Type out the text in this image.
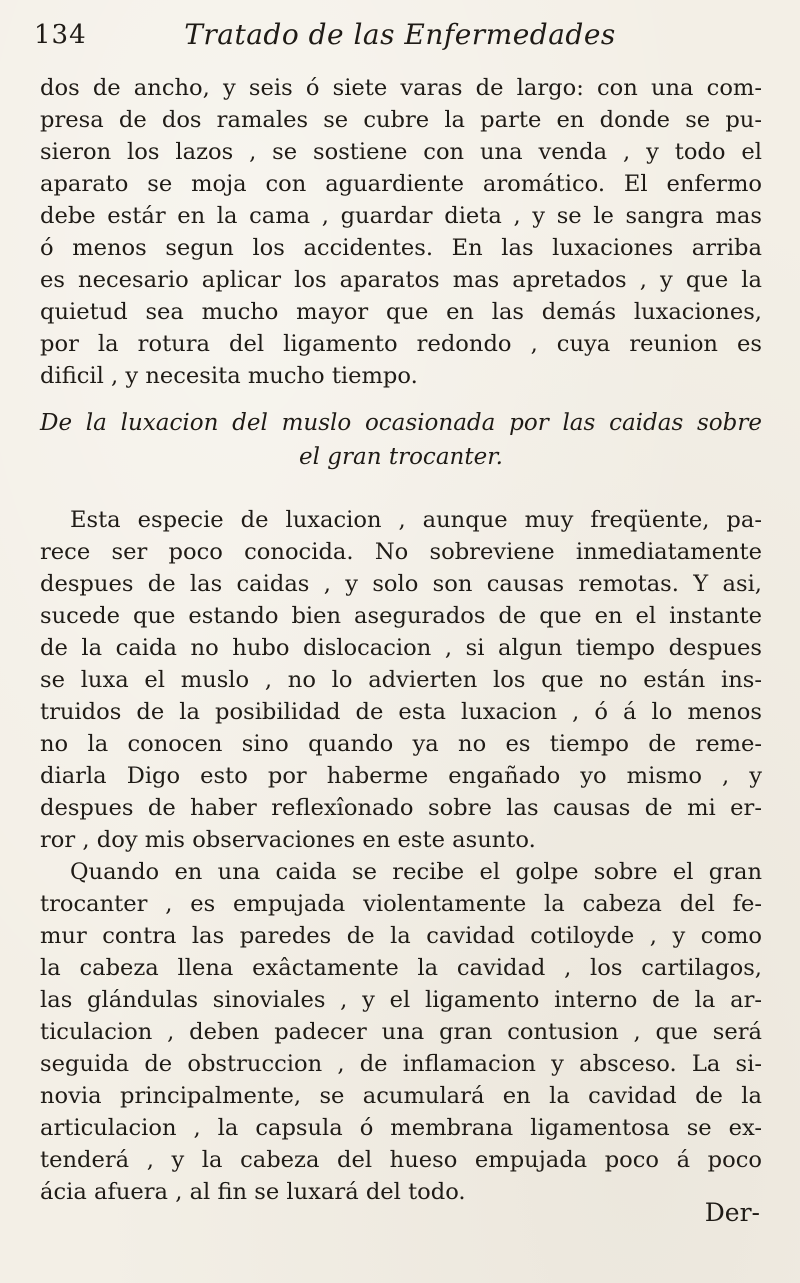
134	Tratado de las Enfermedades
dos de ancho, y seis ó siete varas de largo: con una com-
presa de dos ramales se cubre la parte en donde se pu-
sieron los lazos , se sostiene con una venda , y todo el
aparato se moja con aguardiente aromático. El enfermo
debe estár en la cama , guardar dieta , y se le sangra mas
ó menos segun los accidentes. En las luxaciones arriba
es necesario aplicar los aparatos mas apretados , y que la
quietud sea mucho mayor que en las demás luxaciones,
por la rotura del ligamento redondo , cuya reunion es
dificil , y necesita mucho tiempo.
De la luxacion del muslo ocasionada por las caidas sobre
el gran trocanter.
Esta especie de luxacion , aunque muy freqüente, pa-
rece ser poco conocida. No sobreviene inmediatamente
despues de las caidas , y solo son causas remotas. Y asi,
sucede que estando bien asegurados de que en el instante
de la caida no hubo dislocacion , si algun tiempo despues
se luxa el muslo , no lo advierten los que no están ins-
truidos de la posibilidad de esta luxacion , ó á lo menos
no la conocen sino quando ya no es tiempo de reme-
diarla Digo esto por haberme engañado yo mismo , y
despues de haber reflexîonado sobre las causas de mi er-
ror , doy mis observaciones en este asunto.
Quando en una caida se recibe el golpe sobre el gran
trocanter , es empujada violentamente la cabeza del fe-
mur contra las paredes de la cavidad cotiloyde , y como
la cabeza llena exâctamente la cavidad , los cartilagos,
las glándulas sinoviales , y el ligamento interno de la ar-
ticulacion , deben padecer una gran contusion , que será
seguida de obstruccion , de inflamacion y absceso. La si-
novia principalmente, se acumulará en la cavidad de la
articulacion , la capsula ó membrana ligamentosa se ex-
tenderá , y la cabeza del hueso empujada poco á poco
ácia afuera , al fin se luxará del todo.
Der-
